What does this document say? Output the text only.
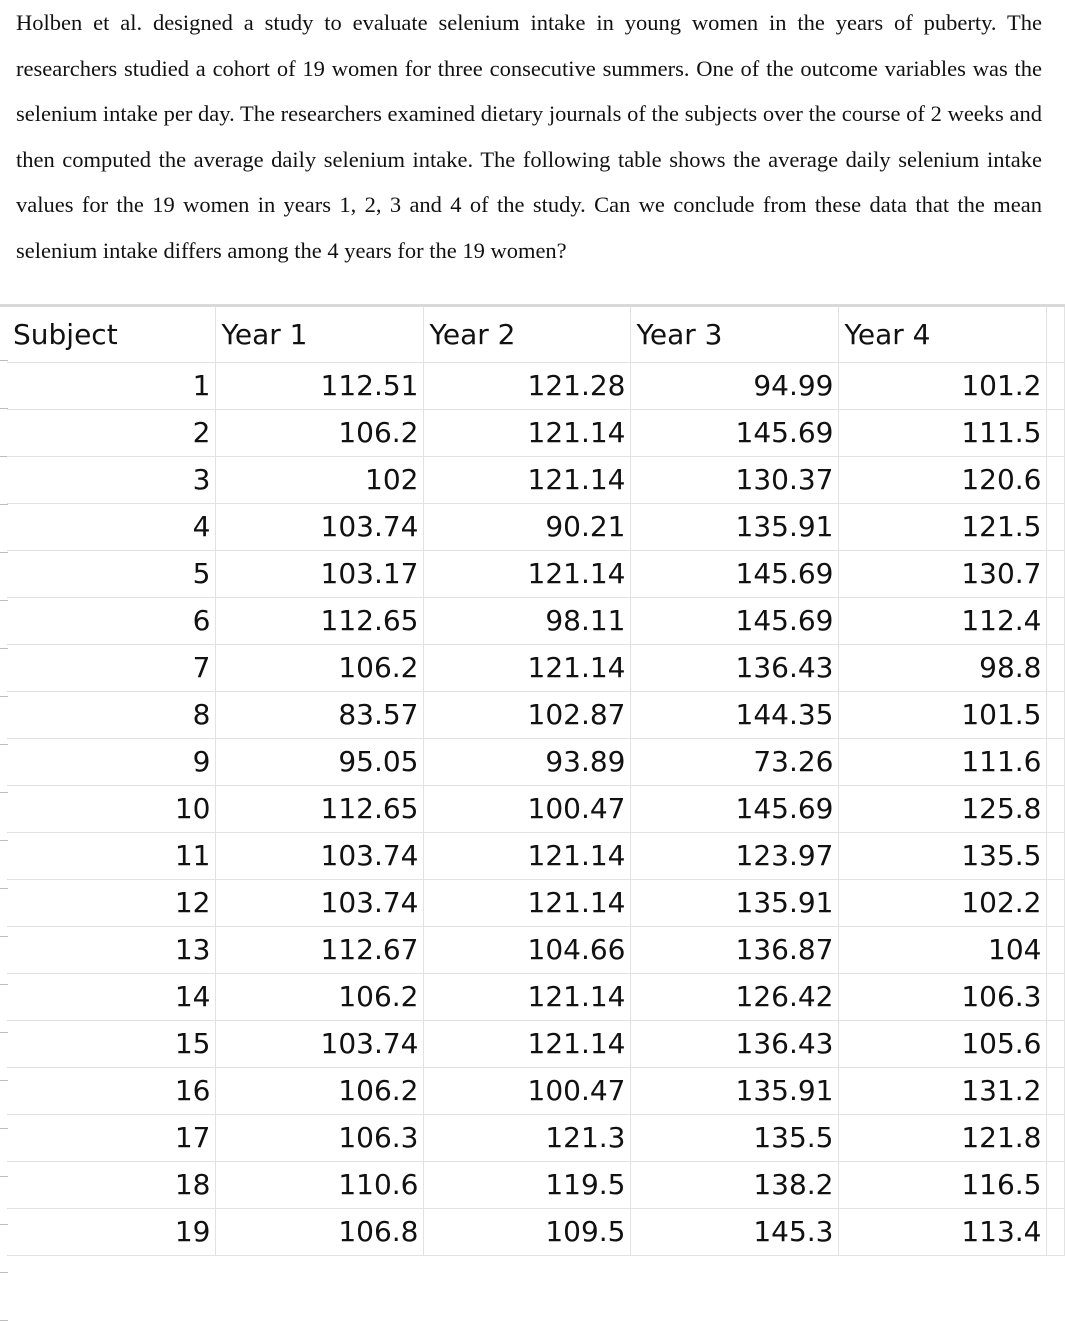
Holben et al. designed a study to evaluate selenium intake in young women in the years of puberty. The researchers studied a cohort of 19 women for three consecutive summers. One of the outcome variables was the selenium intake per day. The researchers examined dietary journals of the subjects over the course of 2 weeks and then computed the average daily selenium intake. The following table shows the average daily selenium intake values for the 19 women in years 1, 2, 3 and 4 of the study. Can we conclude from these data that the mean selenium intake differs among the 4 years for the 19 women?

Subject	Year 1	Year 2	Year 3	Year 4	
1	112.51	121.28	94.99	101.2	
2	106.2	121.14	145.69	111.5	
3	102	121.14	130.37	120.6	
4	103.74	90.21	135.91	121.5	
5	103.17	121.14	145.69	130.7	
6	112.65	98.11	145.69	112.4	
7	106.2	121.14	136.43	98.8	
8	83.57	102.87	144.35	101.5	
9	95.05	93.89	73.26	111.6	
10	112.65	100.47	145.69	125.8	
11	103.74	121.14	123.97	135.5	
12	103.74	121.14	135.91	102.2	
13	112.67	104.66	136.87	104	
14	106.2	121.14	126.42	106.3	
15	103.74	121.14	136.43	105.6	
16	106.2	100.47	135.91	131.2	
17	106.3	121.3	135.5	121.8	
18	110.6	119.5	138.2	116.5	
19	106.8	109.5	145.3	113.4	
